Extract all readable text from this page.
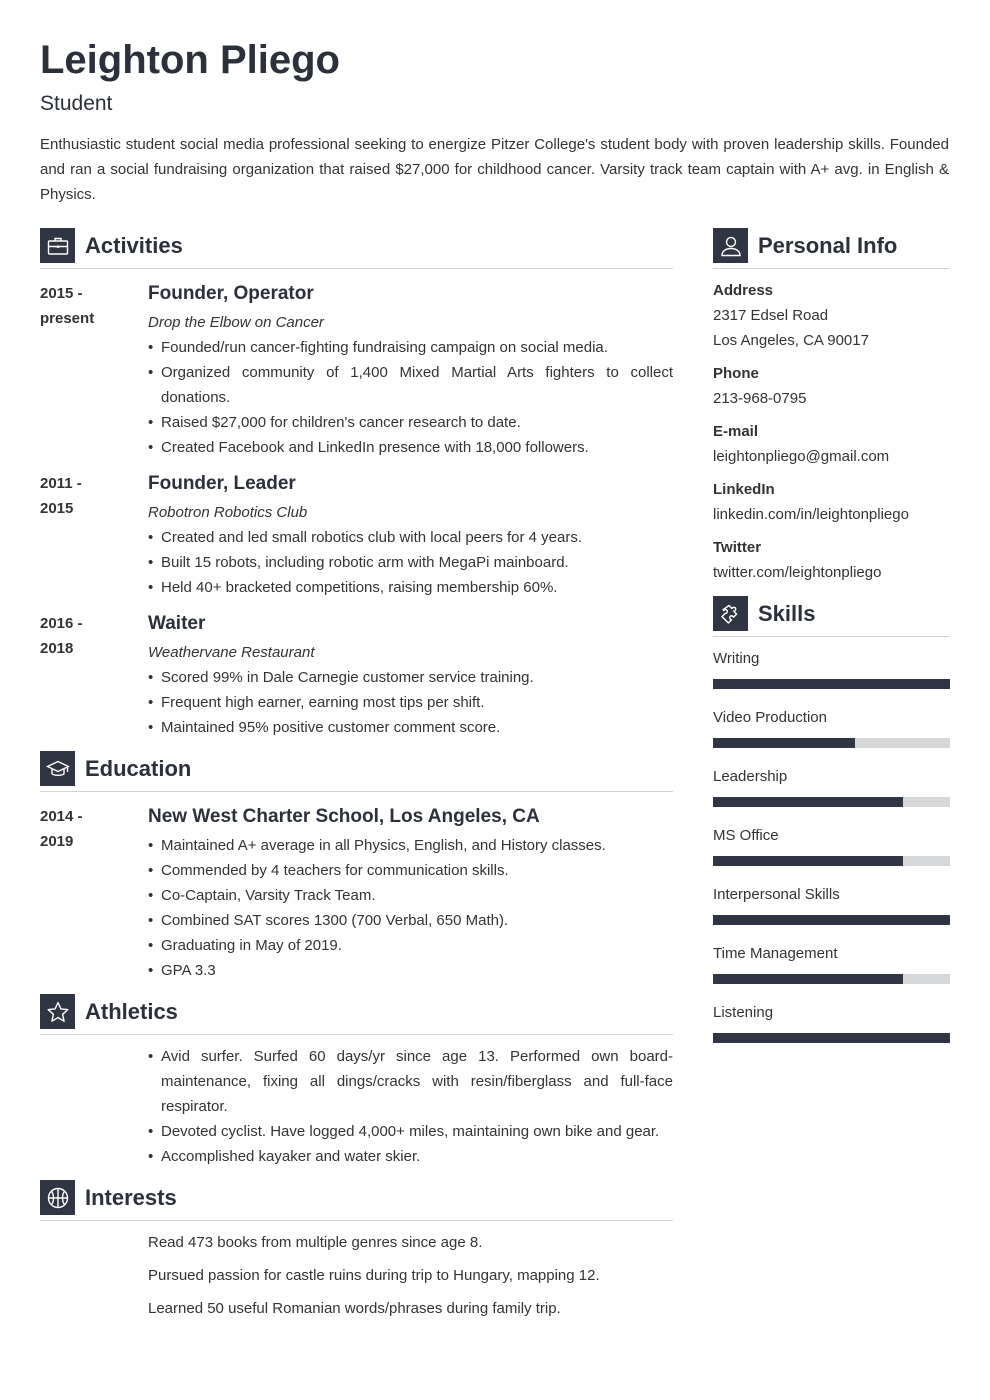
Leighton Pliego
Student

Enthusiastic student social media professional seeking to energize Pitzer College's student body with proven leadership skills. Founded and ran a social fundraising organization that raised $27,000 for childhood cancer. Varsity track team captain with A+ avg. in English & Physics.

Activities
2015 -
present
Founder, Operator
Drop the Elbow on Cancer
• Founded/run cancer-fighting fundraising campaign on social media.
• Organized community of 1,400 Mixed Martial Arts fighters to collect donations.
• Raised $27,000 for children's cancer research to date.
• Created Facebook and LinkedIn presence with 18,000 followers.
2011 -
2015
Founder, Leader
Robotron Robotics Club
• Created and led small robotics club with local peers for 4 years.
• Built 15 robots, including robotic arm with MegaPi mainboard.
• Held 40+ bracketed competitions, raising membership 60%.
2016 -
2018
Waiter
Weathervane Restaurant
• Scored 99% in Dale Carnegie customer service training.
• Frequent high earner, earning most tips per shift.
• Maintained 95% positive customer comment score.
Education
2014 -
2019
New West Charter School, Los Angeles, CA
• Maintained A+ average in all Physics, English, and History classes.
• Commended by 4 teachers for communication skills.
• Co-Captain, Varsity Track Team.
• Combined SAT scores 1300 (700 Verbal, 650 Math).
• Graduating in May of 2019.
• GPA 3.3
Athletics
• Avid surfer. Surfed 60 days/yr since age 13. Performed own board-maintenance, fixing all dings/cracks with resin/fiberglass and full-face respirator.
• Devoted cyclist. Have logged 4,000+ miles, maintaining own bike and gear.
• Accomplished kayaker and water skier.
Interests
Read 473 books from multiple genres since age 8.
Pursued passion for castle ruins during trip to Hungary, mapping 12.
Learned 50 useful Romanian words/phrases during family trip.
Personal Info
Address
2317 Edsel Road
Los Angeles, CA 90017
Phone
213-968-0795
E-mail
leightonpliego@gmail.com
LinkedIn
linkedin.com/in/leightonpliego
Twitter
twitter.com/leightonpliego
Skills
Writing
Video Production
Leadership
MS Office
Interpersonal Skills
Time Management
Listening
